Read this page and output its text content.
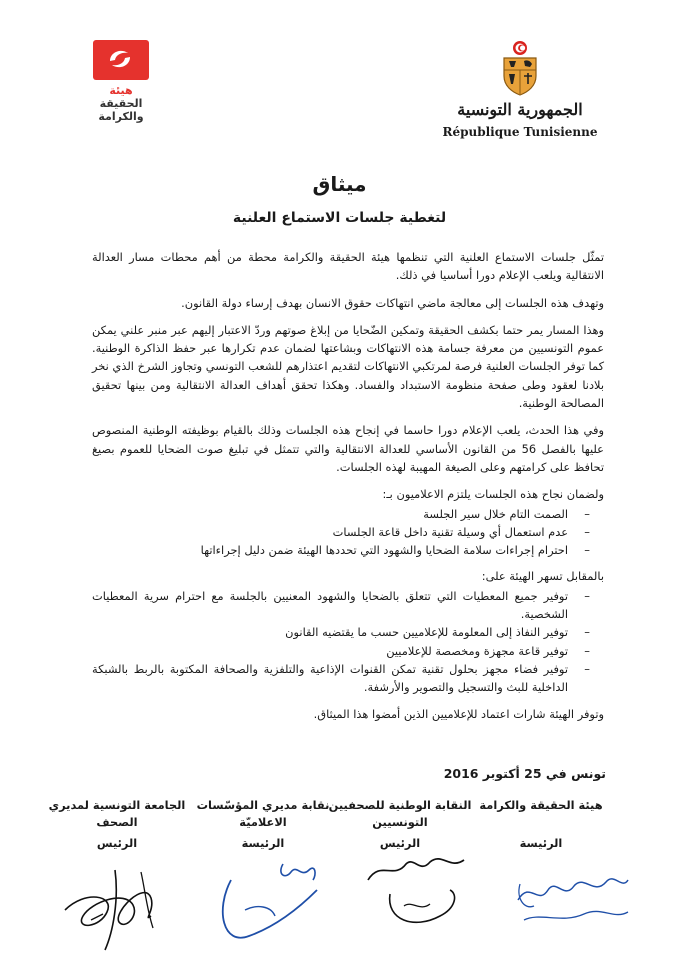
هيئة
الحقيقة
والكرامة	الجمهورية التونسية
République Tunisienne
ميثاق
لتغطية جلسات الاستماع العلنية

تمثّل جلسات الاستماع العلنية التي تنظمها هيئة الحقيقة والكرامة محطة من أهم محطات مسار العدالة الانتقالية ويلعب الإعلام دورا أساسيا في ذلك.

وتهدف هذه الجلسات إلى معالجة ماضي انتهاكات حقوق الانسان بهدف إرساء دولة القانون.

وهذا المسار يمر حتما بكشف الحقيقة وتمكين الضّحايا من إبلاغ صوتهم وردّ الاعتبار إليهم عبر منبر علني يمكن عموم التونسيين من معرفة جسامة هذه الانتهاكات وبشاعتها لضمان عدم تكرارها عبر حفظ الذاكرة الوطنية. كما توفر الجلسات العلنية فرصة لمرتكبي الانتهاكات لتقديم اعتذارهم للشعب التونسي وتجاوز الشرخ الذي نخر بلادنا لعقود وطى صفحة منظومة الاستبداد والفساد. وهكذا تحقق أهداف العدالة الانتقالية ومن بينها تحقيق المصالحة الوطنية.

وفي هذا الحدث، يلعب الإعلام دورا حاسما في إنجاح هذه الجلسات وذلك بالقيام بوظيفته الوطنية المنصوص عليها بالفصل 56 من القانون الأساسي للعدالة الانتقالية والتي تتمثل في تبليغ صوت الضحايا للعموم بصيغ تحافظ على كرامتهم وعلى الصيغة المهيبة لهذه الجلسات.

ولضمان نجاح هذه الجلسات يلتزم الاعلاميون بـ:

– الصمت التام خلال سير الجلسة
– عدم استعمال أي وسيلة تقنية داخل قاعة الجلسات
– احترام إجراءات سلامة الضحايا والشهود التي تحددها الهيئة ضمن دليل إجراءاتها

بالمقابل تسهر الهيئة على:

– توفير جميع المعطيات التي تتعلق بالضحايا والشهود المعنيين بالجلسة مع احترام سرية المعطيات الشخصية.
– توفير النفاذ إلى المعلومة للإعلاميين حسب ما يقتضيه القانون
– توفير قاعة مجهزة ومخصصة للإعلاميين
– توفير فضاء مجهز بحلول تقنية تمكن القنوات الإذاعية والتلفزية والصحافة المكتوبة بالربط بالشبكة الداخلية للبث والتسجيل والتصوير والأرشفة.

وتوفر الهيئة شارات اعتماد للإعلاميين الذين أمضوا هذا الميثاق.

تونس في 25 أكتوبر 2016
هيئة الحقيقة والكرامة
النقابة الوطنية للصحفيين التونسيين
نقابة مديري المؤسّسات الاعلاميّة
الجامعة التونسية لمديري الصحف
الرئيسة
الرئيس
الرئيسة
الرئيس
